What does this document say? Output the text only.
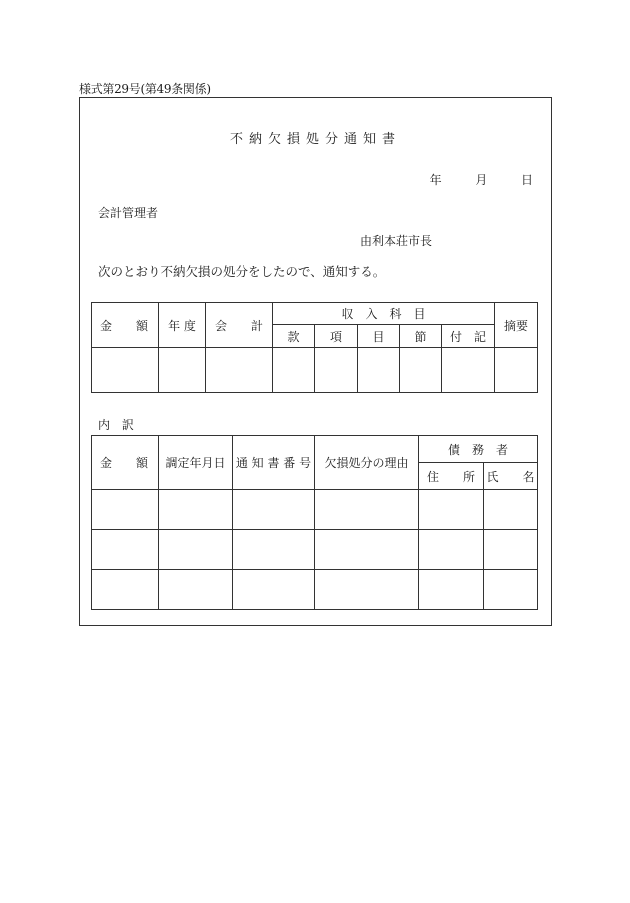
様式第29号(第49条関係)
不納欠損処分通知書
年	月	日
会計管理者
由利本荘市長
次のとおり不納欠損の処分をしたので、通知する。
金　　額	年 度	会　　計	収　入　科　目					摘要
			款	項	目	節	付　記	

内 訳
金　　額	調定年月日	通 知 書 番 号	欠損処分の理由	債　務　者	
				住　　所	氏　　名
